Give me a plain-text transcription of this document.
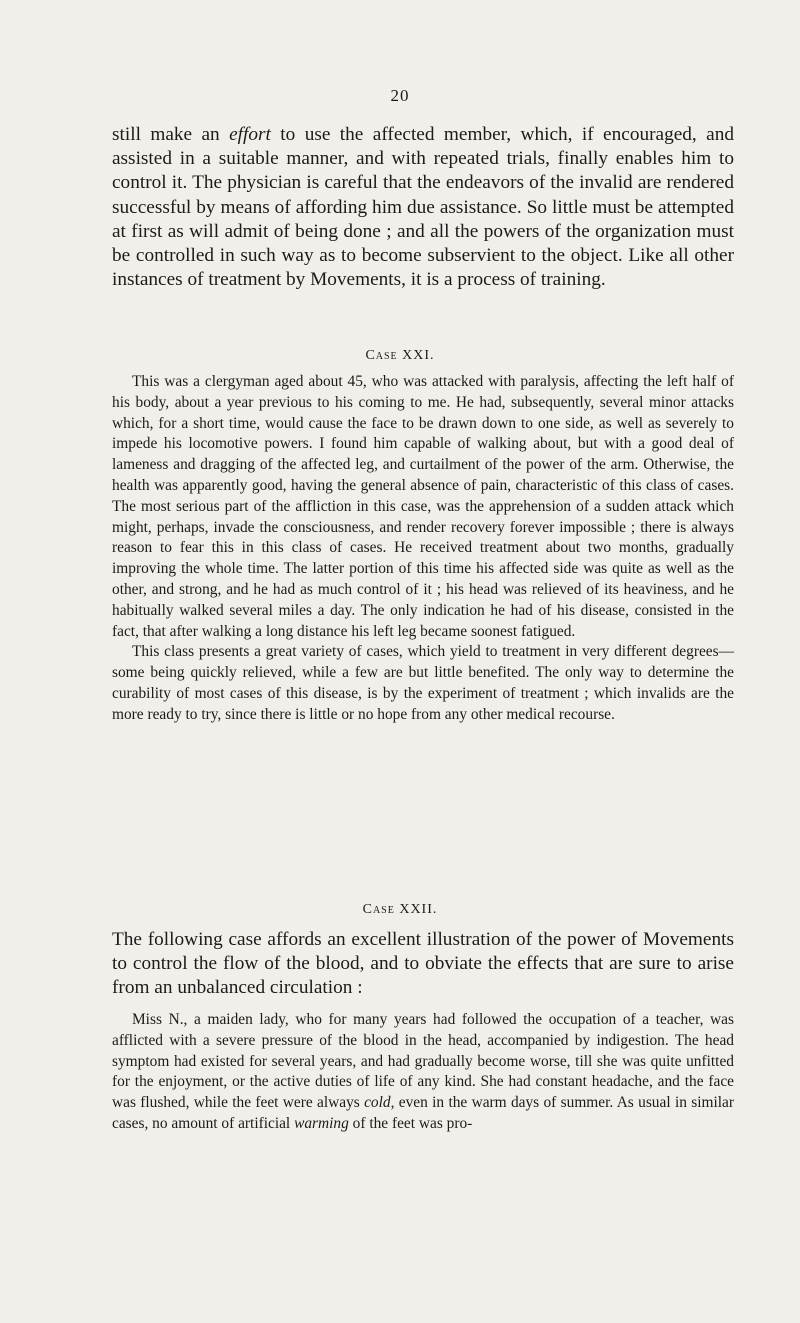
20

still make an effort to use the affected member, which, if encouraged, and assisted in a suitable manner, and with repeated trials, finally enables him to control it. The physician is careful that the endeavors of the invalid are rendered successful by means of affording him due assistance. So little must be attempted at first as will admit of being done ; and all the powers of the organization must be controlled in such way as to become subservient to the object. Like all other instances of treatment by Movements, it is a process of training.

Case XXI.

This was a clergyman aged about 45, who was attacked with paralysis, affecting the left half of his body, about a year previous to his coming to me. He had, subsequently, several minor attacks which, for a short time, would cause the face to be drawn down to one side, as well as severely to impede his locomotive powers. I found him capable of walking about, but with a good deal of lameness and dragging of the affected leg, and curtailment of the power of the arm. Otherwise, the health was apparently good, having the general absence of pain, characteristic of this class of cases. The most serious part of the affliction in this case, was the apprehension of a sudden attack which might, perhaps, invade the consciousness, and render recovery forever impossible ; there is always reason to fear this in this class of cases. He received treatment about two months, gradually improving the whole time. The latter portion of this time his affected side was quite as well as the other, and strong, and he had as much control of it ; his head was relieved of its heaviness, and he habitually walked several miles a day. The only indication he had of his disease, consisted in the fact, that after walking a long distance his left leg became soonest fatigued.

This class presents a great variety of cases, which yield to treatment in very different degrees—some being quickly relieved, while a few are but little benefited. The only way to determine the curability of most cases of this disease, is by the experiment of treatment ; which invalids are the more ready to try, since there is little or no hope from any other medical recourse.

Case XXII.

The following case affords an excellent illustration of the power of Movements to control the flow of the blood, and to obviate the effects that are sure to arise from an unbalanced circulation :

Miss N., a maiden lady, who for many years had followed the occupation of a teacher, was afflicted with a severe pressure of the blood in the head, accompanied by indigestion. The head symptom had existed for several years, and had gradually become worse, till she was quite unfitted for the enjoyment, or the active duties of life of any kind. She had constant headache, and the face was flushed, while the feet were always cold, even in the warm days of summer. As usual in similar cases, no amount of artificial warming of the feet was pro-
